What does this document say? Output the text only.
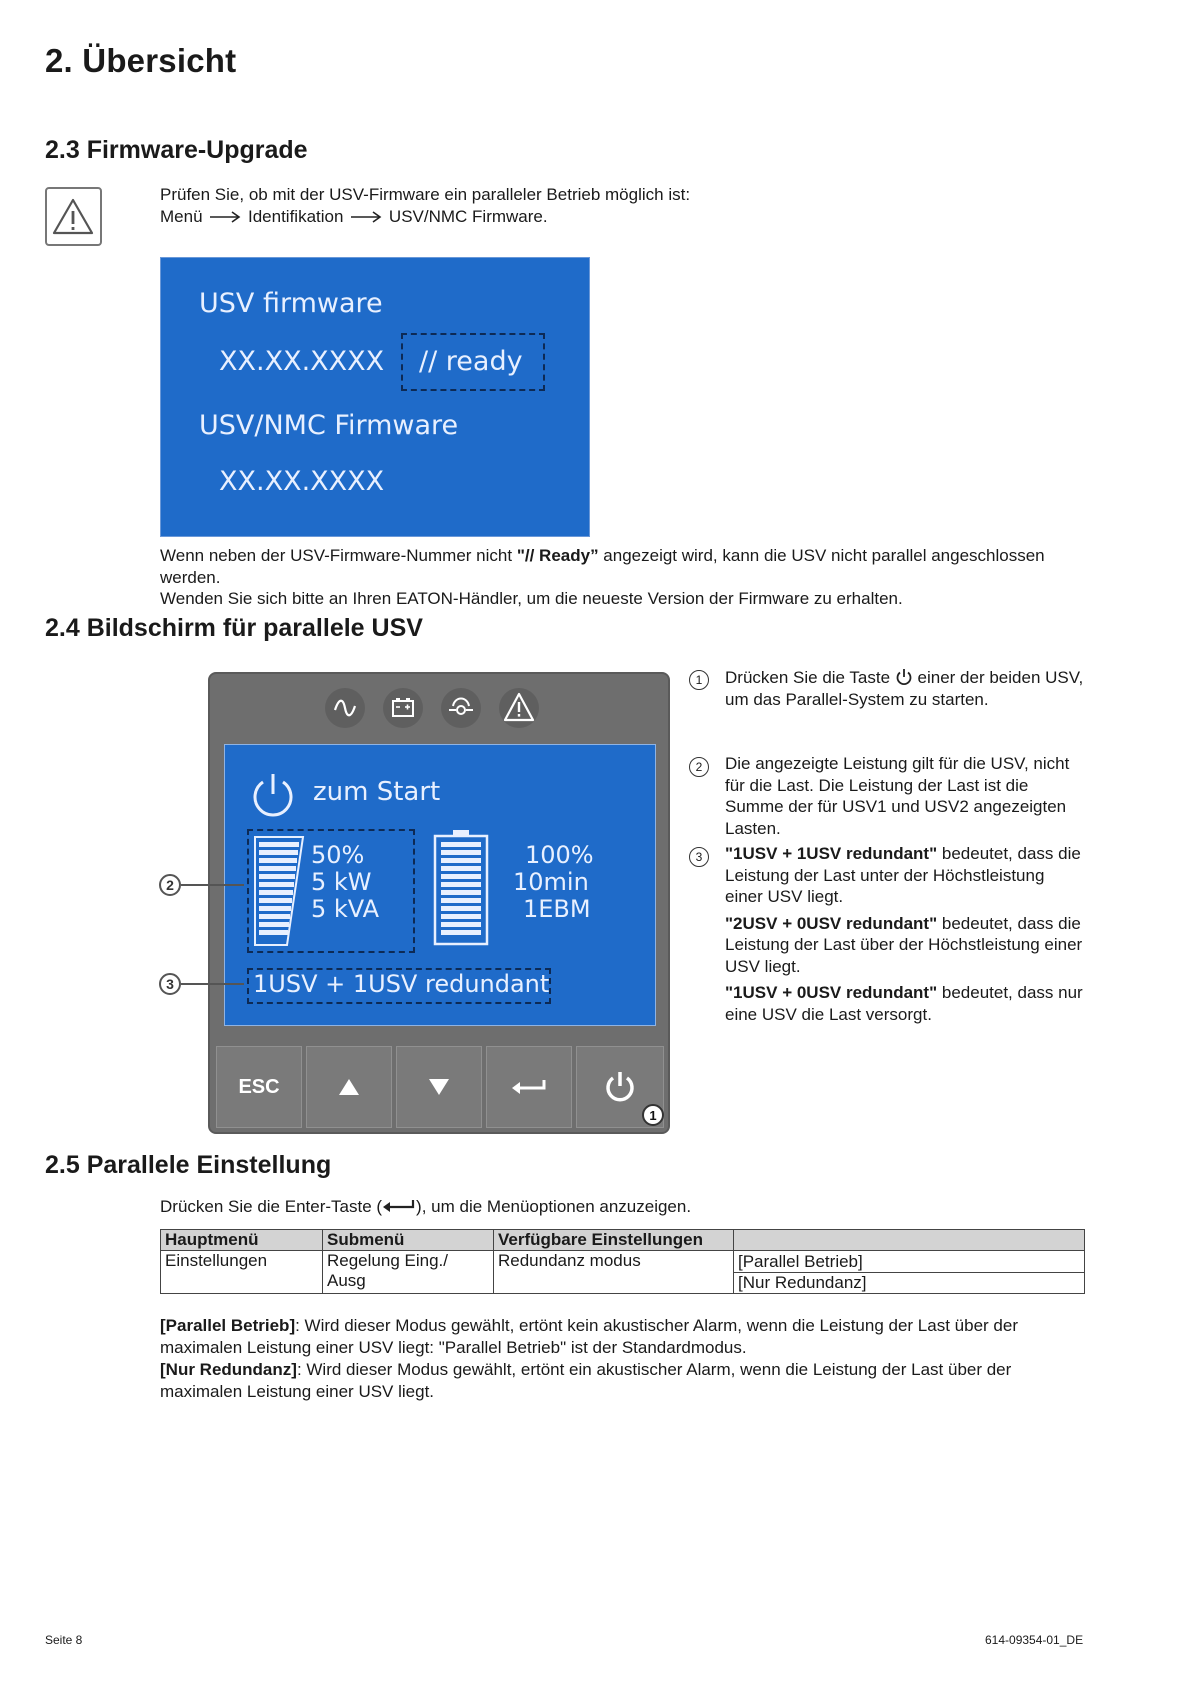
2. Übersicht
2.3 Firmware-Upgrade
Prüfen Sie, ob mit der USV-Firmware ein paralleler Betrieb möglich ist:
Menü	Identifikation	USV/NMC Firmware.
USV firmware
XX.XX.XXXX // ready
USV/NMC Firmware
XX.XX.XXXX
Wenn neben der USV-Firmware-Nummer nicht "// Ready” angezeigt wird, kann die USV nicht parallel angeschlossen werden.
Wenden Sie sich bitte an Ihren EATON-Händler, um die neueste Version der Firmware zu erhalten.
2.4 Bildschirm für parallele USV
zum Start
50%
5 kW
5 kVA
100%
10min
1EBM
1USV + 1USV redundant
ESC
1
2
3
1	Drücken Sie die Taste einer der beiden USV, um das Parallel-System zu starten.
2	Die angezeigte Leistung gilt für die USV, nicht für die Last. Die Leistung der Last ist die Summe der für USV1 und USV2 angezeigten Lasten.
3	"1USV + 1USV redundant" bedeutet, dass die Leistung der Last unter der Höchstleistung einer USV liegt.
"2USV + 0USV redundant" bedeutet, dass die Leistung der Last über der Höchstleistung einer USV liegt.
"1USV + 0USV redundant" bedeutet, dass nur eine USV die Last versorgt.
2.5 Parallele Einstellung
Drücken Sie die Enter-Taste ( ), um die Menüoptionen anzuzeigen.
Hauptmenü	Submenü	Verfügbare Einstellungen	
Einstellungen	Regelung Eing./ Ausg	Redundanz modus	[Parallel Betrieb]
			[Nur Redundanz]
[Parallel Betrieb]: Wird dieser Modus gewählt, ertönt kein akustischer Alarm, wenn die Leistung der Last über der maximalen Leistung einer USV liegt: "Parallel Betrieb" ist der Standardmodus.
[Nur Redundanz]: Wird dieser Modus gewählt, ertönt ein akustischer Alarm, wenn die Leistung der Last über der maximalen Leistung einer USV liegt.
Seite 8	614-09354-01_DE
